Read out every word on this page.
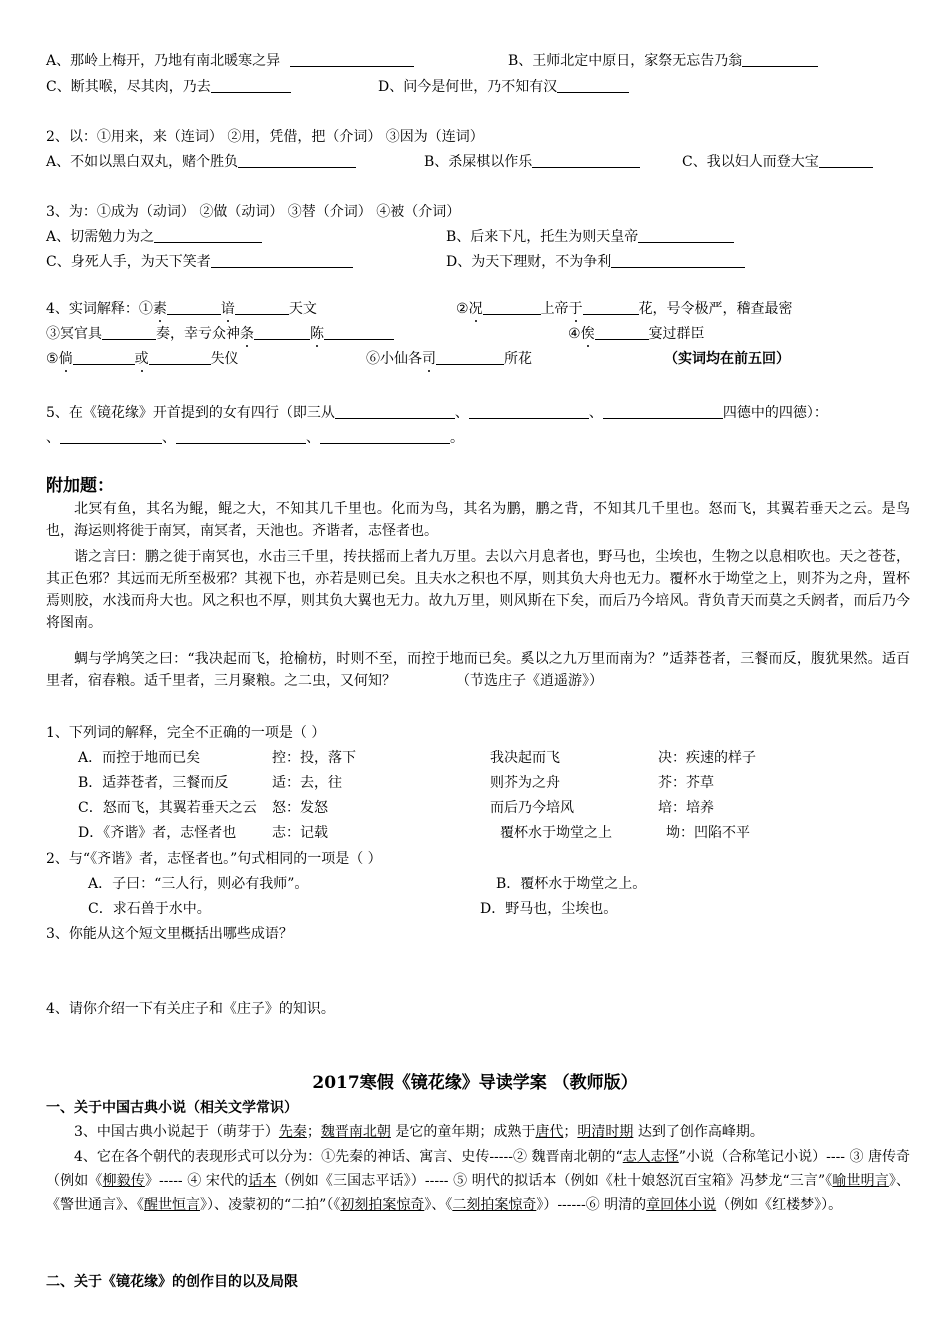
A、那岭上梅开，乃地有南北暖寒之异	B、王师北定中原日，家祭无忘告乃翁
C、断其喉，尽其肉，乃去	D、问今是何世，乃不知有汉
2、以：①用来，来（连词） ②用，凭借，把（介词） ③因为（连词）
A、不如以黑白双丸，赌个胜负	B、杀屎棋以作乐	C、我以妇人而登大宝
3、为：①成为（动词） ②做（动词） ③替（介词） ④被（介词）
A、切需勉力为之	B、后来下凡，托生为则天皇帝
C、身死人手，为天下笑者	D、为天下理财，不为争利
4、实词解释：①素	谙	天文	②况	上帝于	花，号令极严，稽查最密
③冥官具	奏，幸亏众神条	陈	④俟	宴过群臣
⑤倘	或	失仪	⑥小仙各司	所花	（实词均在前五回）
5、在《镜花缘》开首提到的女有四行（即三从	、	、	四德中的四德）：
、	、	、	。
附加题：
北冥有鱼，其名为鲲，鲲之大，不知其几千里也。化而为鸟，其名为鹏，鹏之背，不知其几千里也。怒而飞，其翼若垂天之云。是鸟也，海运则将徙于南冥，南冥者，天池也。齐谐者，志怪者也。
谐之言曰：鹏之徙于南冥也，水击三千里，抟扶摇而上者九万里。去以六月息者也，野马也，尘埃也，生物之以息相吹也。天之苍苍，其正色邪？其远而无所至极邪？其视下也，亦若是则已矣。且夫水之积也不厚，则其负大舟也无力。覆杯水于坳堂之上，则芥为之舟，置杯焉则胶，水浅而舟大也。风之积也不厚，则其负大翼也无力。故九万里，则风斯在下矣，而后乃今培风。背负青天而莫之夭阏者，而后乃今将图南。
蜩与学鸠笑之曰：“我决起而飞，抢榆枋，时则不至，而控于地而已矣。奚以之九万里而南为？”适莽苍者，三餐而反，腹犹果然。适百里者，宿春粮。适千里者，三月聚粮。之二虫，又何知？	（节选庄子《逍遥游》）
1、下列词的解释，完全不正确的一项是（ ）
A．而控于地而已矣	控：投，落下	我决起而飞	决：疾速的样子
B．适莽苍者，三餐而反	适：去，往	则芥为之舟	芥：芥草
C．怒而飞，其翼若垂天之云 怒：发怒	而后乃今培风	培：培养
D．《齐谐》者，志怪者也	志：记载	覆杯水于坳堂之上	坳：凹陷不平
2、与“《齐谐》者，志怪者也。”句式相同的一项是（ ）
A．子曰：“三人行，则必有我师”。	B．覆杯水于坳堂之上。
C．求石兽于水中。	D．野马也，尘埃也。
3、你能从这个短文里概括出哪些成语？
4、请你介绍一下有关庄子和《庄子》的知识。
2017寒假《镜花缘》导读学案 （教师版）
一、关于中国古典小说（相关文学常识）
3、中国古典小说起于（萌芽于）先秦；魏晋南北朝 是它的童年期；成熟于唐代；明清时期 达到了创作高峰期。
4、它在各个朝代的表现形式可以分为：①先秦的神话、寓言、史传-----② 魏晋南北朝的“志人志怪”小说（合称笔记小说）---- ③ 唐传奇（例如《柳毅传》----- ④ 宋代的话本（例如《三国志平话》）----- ⑤ 明代的拟话本（例如《杜十娘怒沉百宝箱》冯梦龙“三言”《喻世明言》、《警世通言》、《醒世恒言》）、凌蒙初的“二拍”（《初刻拍案惊奇》、《二刻拍案惊奇》）------⑥ 明清的章回体小说（例如《红楼梦》）。
二、关于《镜花缘》的创作目的以及局限
